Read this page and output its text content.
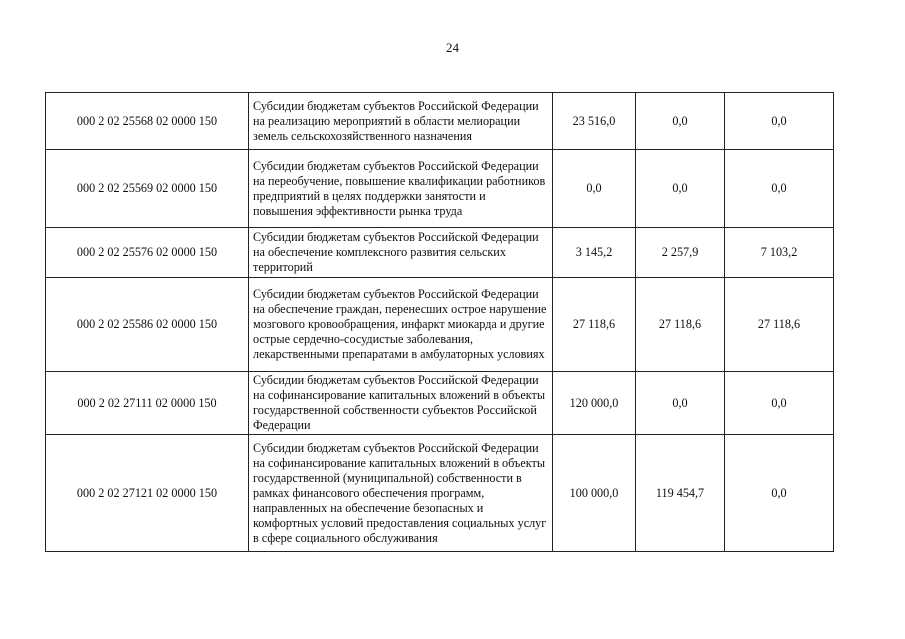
24
000 2 02 25568 02 0000 150	Субсидии бюджетам субъектов Российской Федерации на реализацию мероприятий в области мелиорации земель сельскохозяйственного назначения	23 516,0	0,0	0,0
000 2 02 25569 02 0000 150	Субсидии бюджетам субъектов Российской Федерации на переобучение, повышение квалификации работников предприятий в целях поддержки занятости и повышения эффективности рынка труда	0,0	0,0	0,0
000 2 02 25576 02 0000 150	Субсидии бюджетам субъектов Российской Федерации на обеспечение комплексного развития сельских территорий	3 145,2	2 257,9	7 103,2
000 2 02 25586 02 0000 150	Субсидии бюджетам субъектов Российской Федерации на обеспечение граждан, перенесших острое нарушение мозгового кровообращения, инфаркт миокарда и другие острые сердечно-сосудистые заболевания, лекарственными препаратами в амбулаторных условиях	27 118,6	27 118,6	27 118,6
000 2 02 27111 02 0000 150	Субсидии бюджетам субъектов Российской Федерации на софинансирование капитальных вложений в объекты государственной собственности субъектов Российской Федерации	120 000,0	0,0	0,0
000 2 02 27121 02 0000 150	Субсидии бюджетам субъектов Российской Федерации на софинансирование капитальных вложений в объекты государственной (муниципальной) собственности в рамках финансового обеспечения программ, направленных на обеспечение безопасных и комфортных условий предоставления социальных услуг в сфере социального обслуживания	100 000,0	119 454,7	0,0
